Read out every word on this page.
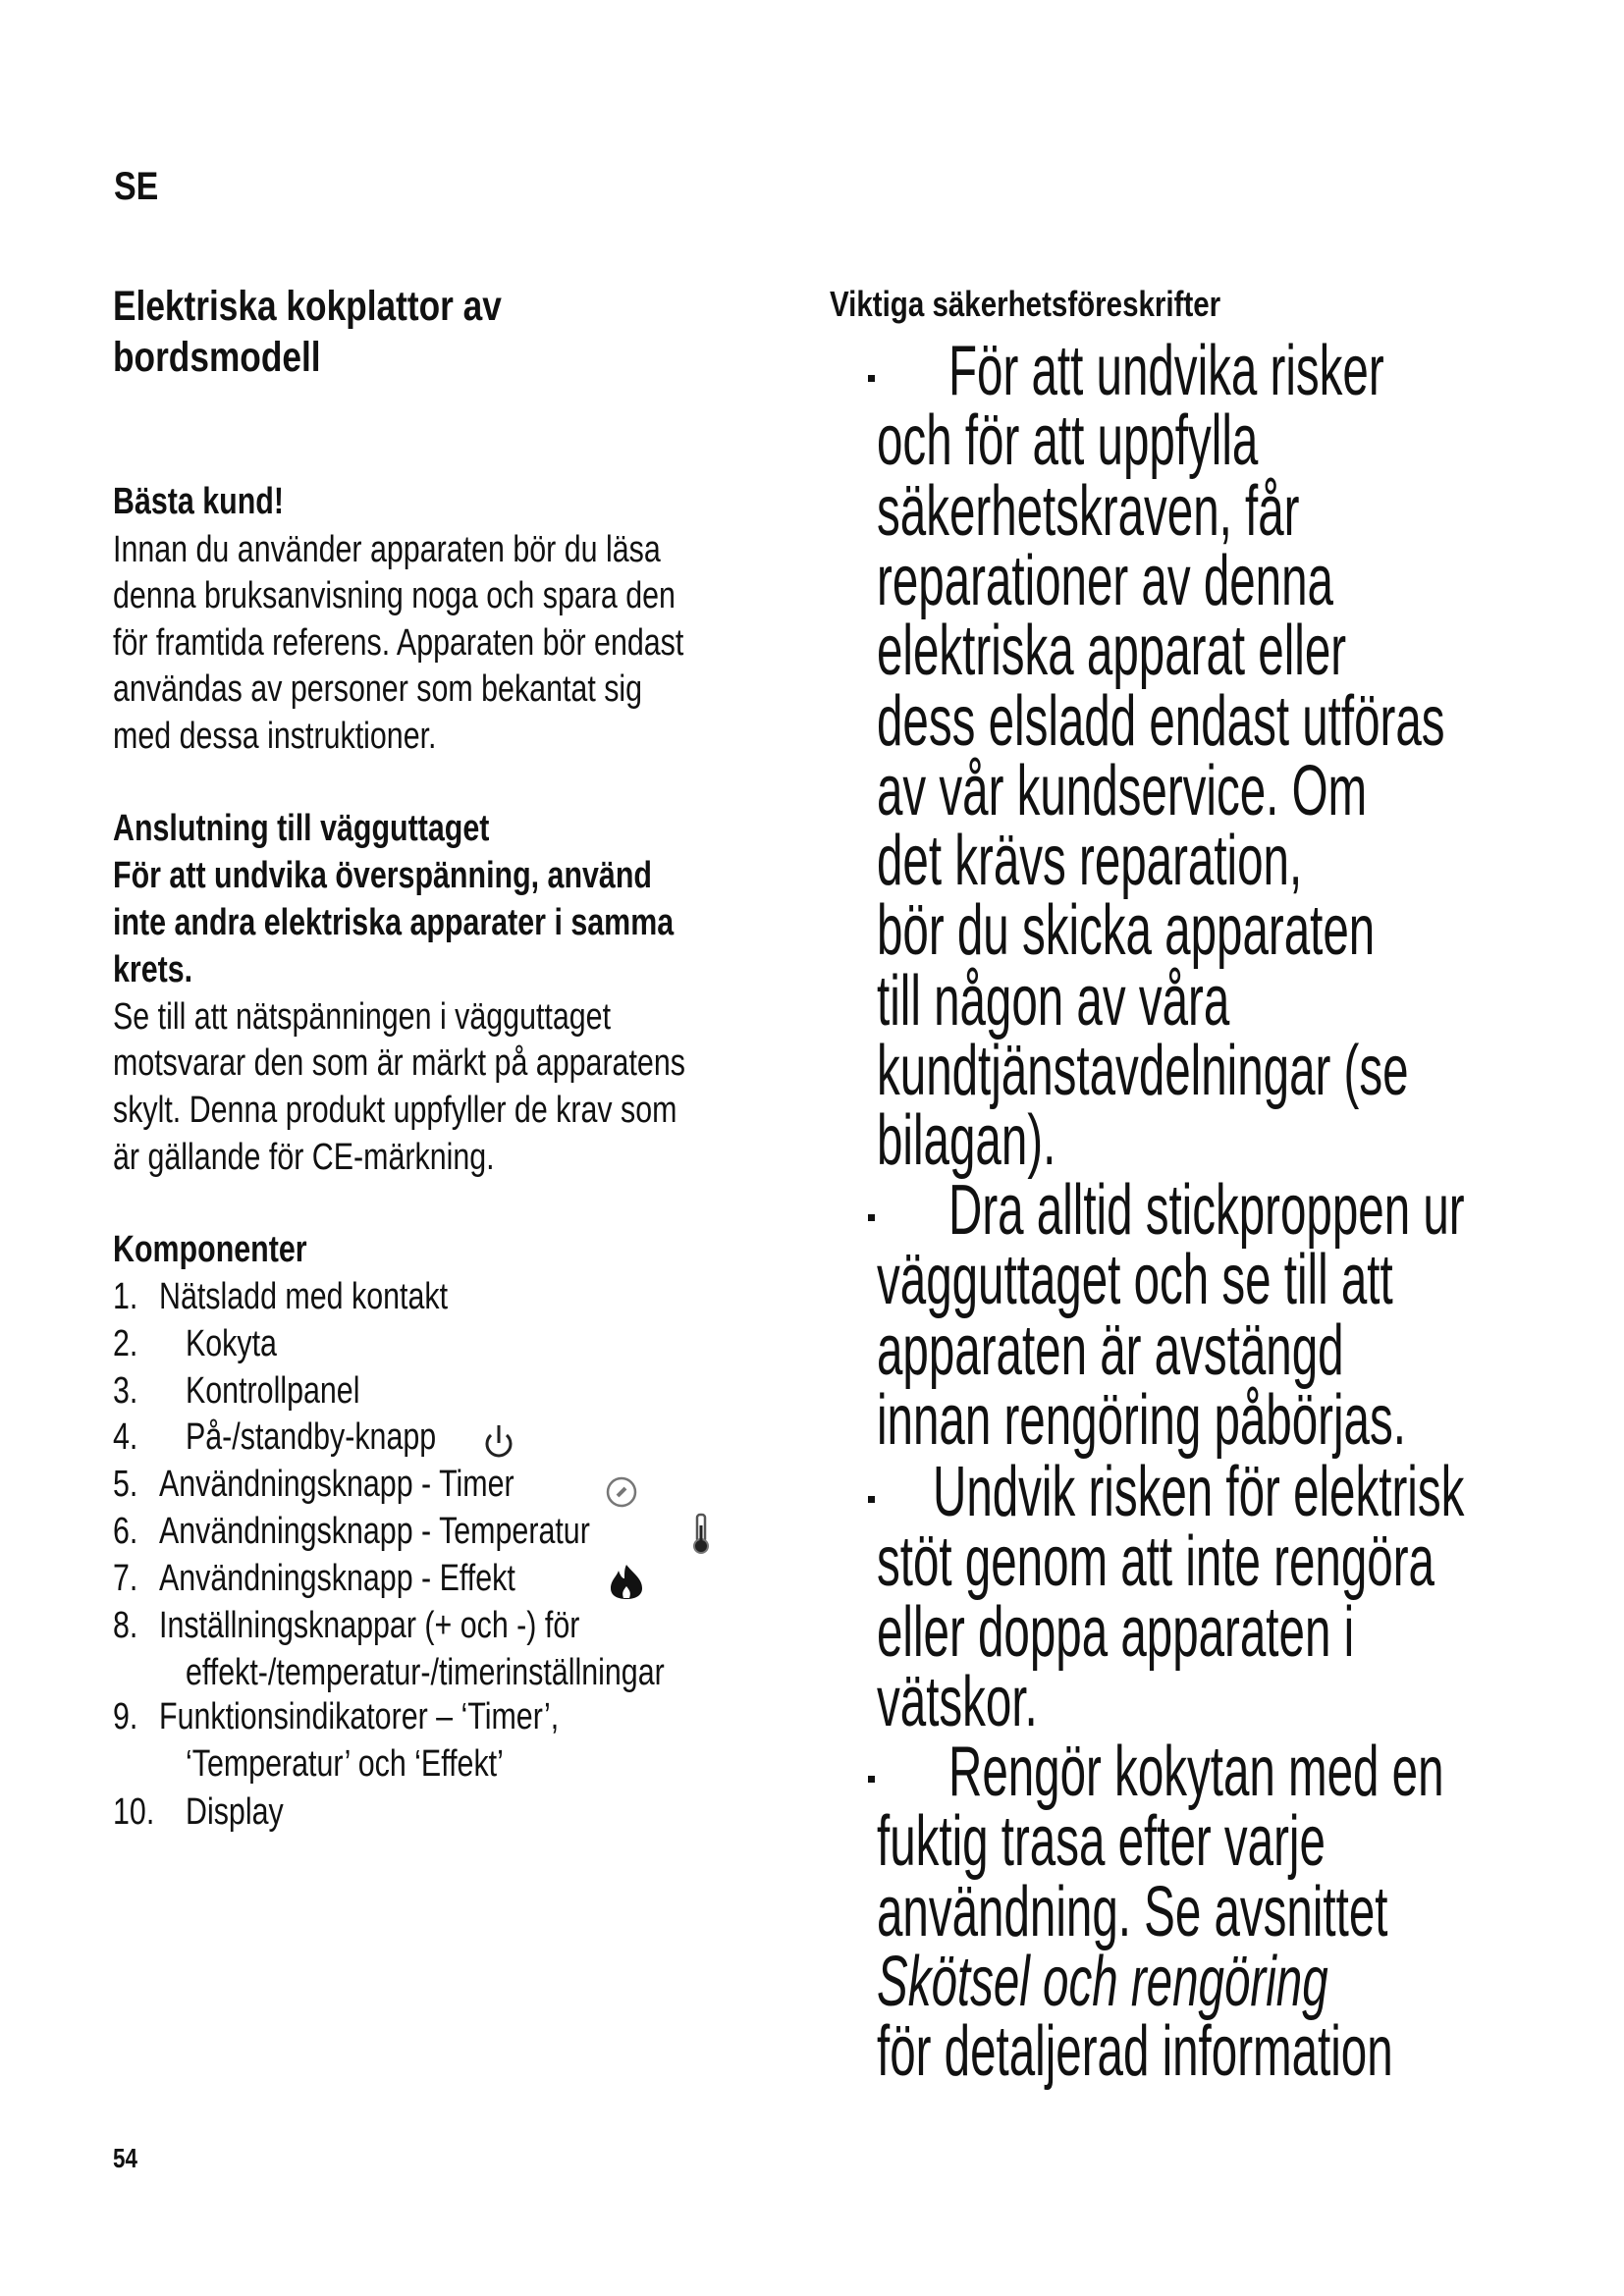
SE
Elektriska kokplattor av
bordsmodell
Bästa kund!
Innan du använder apparaten bör du läsa
denna bruksanvisning noga och spara den
för framtida referens. Apparaten bör endast
användas av personer som bekantat sig
med dessa instruktioner.
Anslutning till vägguttaget
För att undvika överspänning, använd
inte andra elektriska apparater i samma
krets.
Se till att nätspänningen i vägguttaget
motsvarar den som är märkt på apparatens
skylt. Denna produkt uppfyller de krav som
är gällande för CE-märkning.
Komponenter
1. Nätsladd med kontakt
2. Kokyta
3. Kontrollpanel
4. På-/standby-knapp
5. Användningsknapp - Timer
6. Användningsknapp - Temperatur
7. Användningsknapp - Effekt
8. Inställningsknappar (+ och -) för
effekt-/temperatur-/timerinställningar
9. Funktionsindikatorer – ‘Timer’,
‘Temperatur’ och ‘Effekt’
10. Display
Viktiga säkerhetsföreskrifter
För att undvika risker
och för att uppfylla
säkerhetskraven, får
reparationer av denna
elektriska apparat eller
dess elsladd endast utföras
av vår kundservice. Om
det krävs reparation,
bör du skicka apparaten
till någon av våra
kundtjänstavdelningar (se
bilagan).
Dra alltid stickproppen ur
vägguttaget och se till att
apparaten är avstängd
innan rengöring påbörjas.
Undvik risken för elektrisk
stöt genom att inte rengöra
eller doppa apparaten i
vätskor.
Rengör kokytan med en
fuktig trasa efter varje
användning. Se avsnittet
Skötsel och rengöring
för detaljerad information
54
